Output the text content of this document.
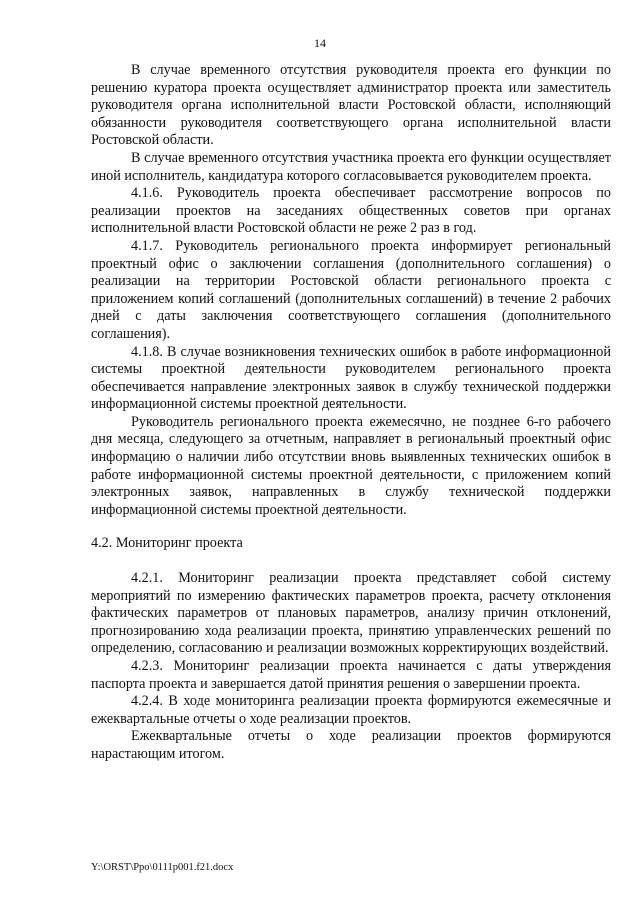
14

В случае временного отсутствия руководителя проекта его функции по решению куратора проекта осуществляет администратор проекта или заместитель руководителя органа исполнительной власти Ростовской области, исполняющий обязанности руководителя соответствующего органа исполнительной власти Ростовской области.

В случае временного отсутствия участника проекта его функции осуществляет иной исполнитель, кандидатура которого согласовывается руководителем проекта.

4.1.6. Руководитель проекта обеспечивает рассмотрение вопросов по реализации проектов на заседаниях общественных советов при органах исполнительной власти Ростовской области не реже 2 раз в год.

4.1.7. Руководитель регионального проекта информирует региональный проектный офис о заключении соглашения (дополнительного соглашения) о реализации на территории Ростовской области регионального проекта с приложением копий соглашений (дополнительных соглашений) в течение 2 рабочих дней с даты заключения соответствующего соглашения (дополнительного соглашения).

4.1.8. В случае возникновения технических ошибок в работе информационной системы проектной деятельности руководителем регионального проекта обеспечивается направление электронных заявок в службу технической поддержки информационной системы проектной деятельности.

Руководитель регионального проекта ежемесячно, не позднее 6-го рабочего дня месяца, следующего за отчетным, направляет в региональный проектный офис информацию о наличии либо отсутствии вновь выявленных технических ошибок в работе информационной системы проектной деятельности, с приложением копий электронных заявок, направленных в службу технической поддержки информационной системы проектной деятельности.

4.2. Мониторинг проекта

4.2.1. Мониторинг реализации проекта представляет собой систему мероприятий по измерению фактических параметров проекта, расчету отклонения фактических параметров от плановых параметров, анализу причин отклонений, прогнозированию хода реализации проекта, принятию управленческих решений по определению, согласованию и реализации возможных корректирующих воздействий.

4.2.3. Мониторинг реализации проекта начинается с даты утверждения паспорта проекта и завершается датой принятия решения о завершении проекта.

4.2.4. В ходе мониторинга реализации проекта формируются ежемесячные и ежеквартальные отчеты о ходе реализации проектов.

Ежеквартальные отчеты о ходе реализации проектов формируются нарастающим итогом.

Y:\ORST\Ppo\0111p001.f21.docx
